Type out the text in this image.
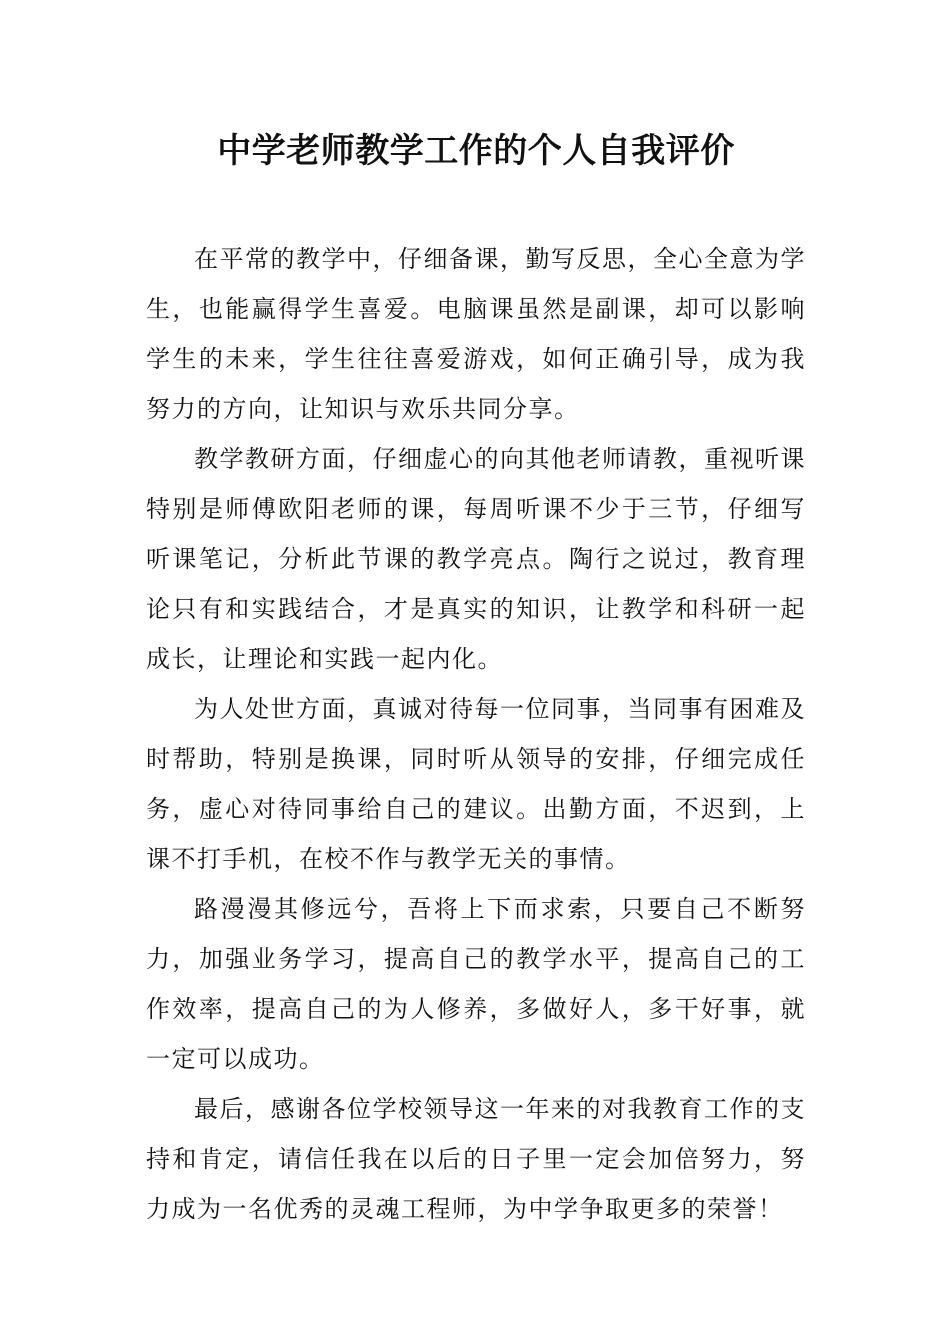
中学老师教学工作的个人自我评价

在平常的教学中，仔细备课，勤写反思，全心全意为学生，也能赢得学生喜爱。电脑课虽然是副课，却可以影响学生的未来，学生往往喜爱游戏，如何正确引导，成为我努力的方向，让知识与欢乐共同分享。

教学教研方面，仔细虚心的向其他老师请教，重视听课特别是师傅欧阳老师的课，每周听课不少于三节，仔细写听课笔记，分析此节课的教学亮点。陶行之说过，教育理论只有和实践结合，才是真实的知识，让教学和科研一起成长，让理论和实践一起内化。

为人处世方面，真诚对待每一位同事，当同事有困难及时帮助，特别是换课，同时听从领导的安排，仔细完成任务，虚心对待同事给自己的建议。出勤方面，不迟到，上课不打手机，在校不作与教学无关的事情。

路漫漫其修远兮，吾将上下而求索，只要自己不断努力，加强业务学习，提高自己的教学水平，提高自己的工作效率，提高自己的为人修养，多做好人，多干好事，就一定可以成功。

最后，感谢各位学校领导这一年来的对我教育工作的支持和肯定，请信任我在以后的日子里一定会加倍努力，努力成为一名优秀的灵魂工程师，为中学争取更多的荣誉！
